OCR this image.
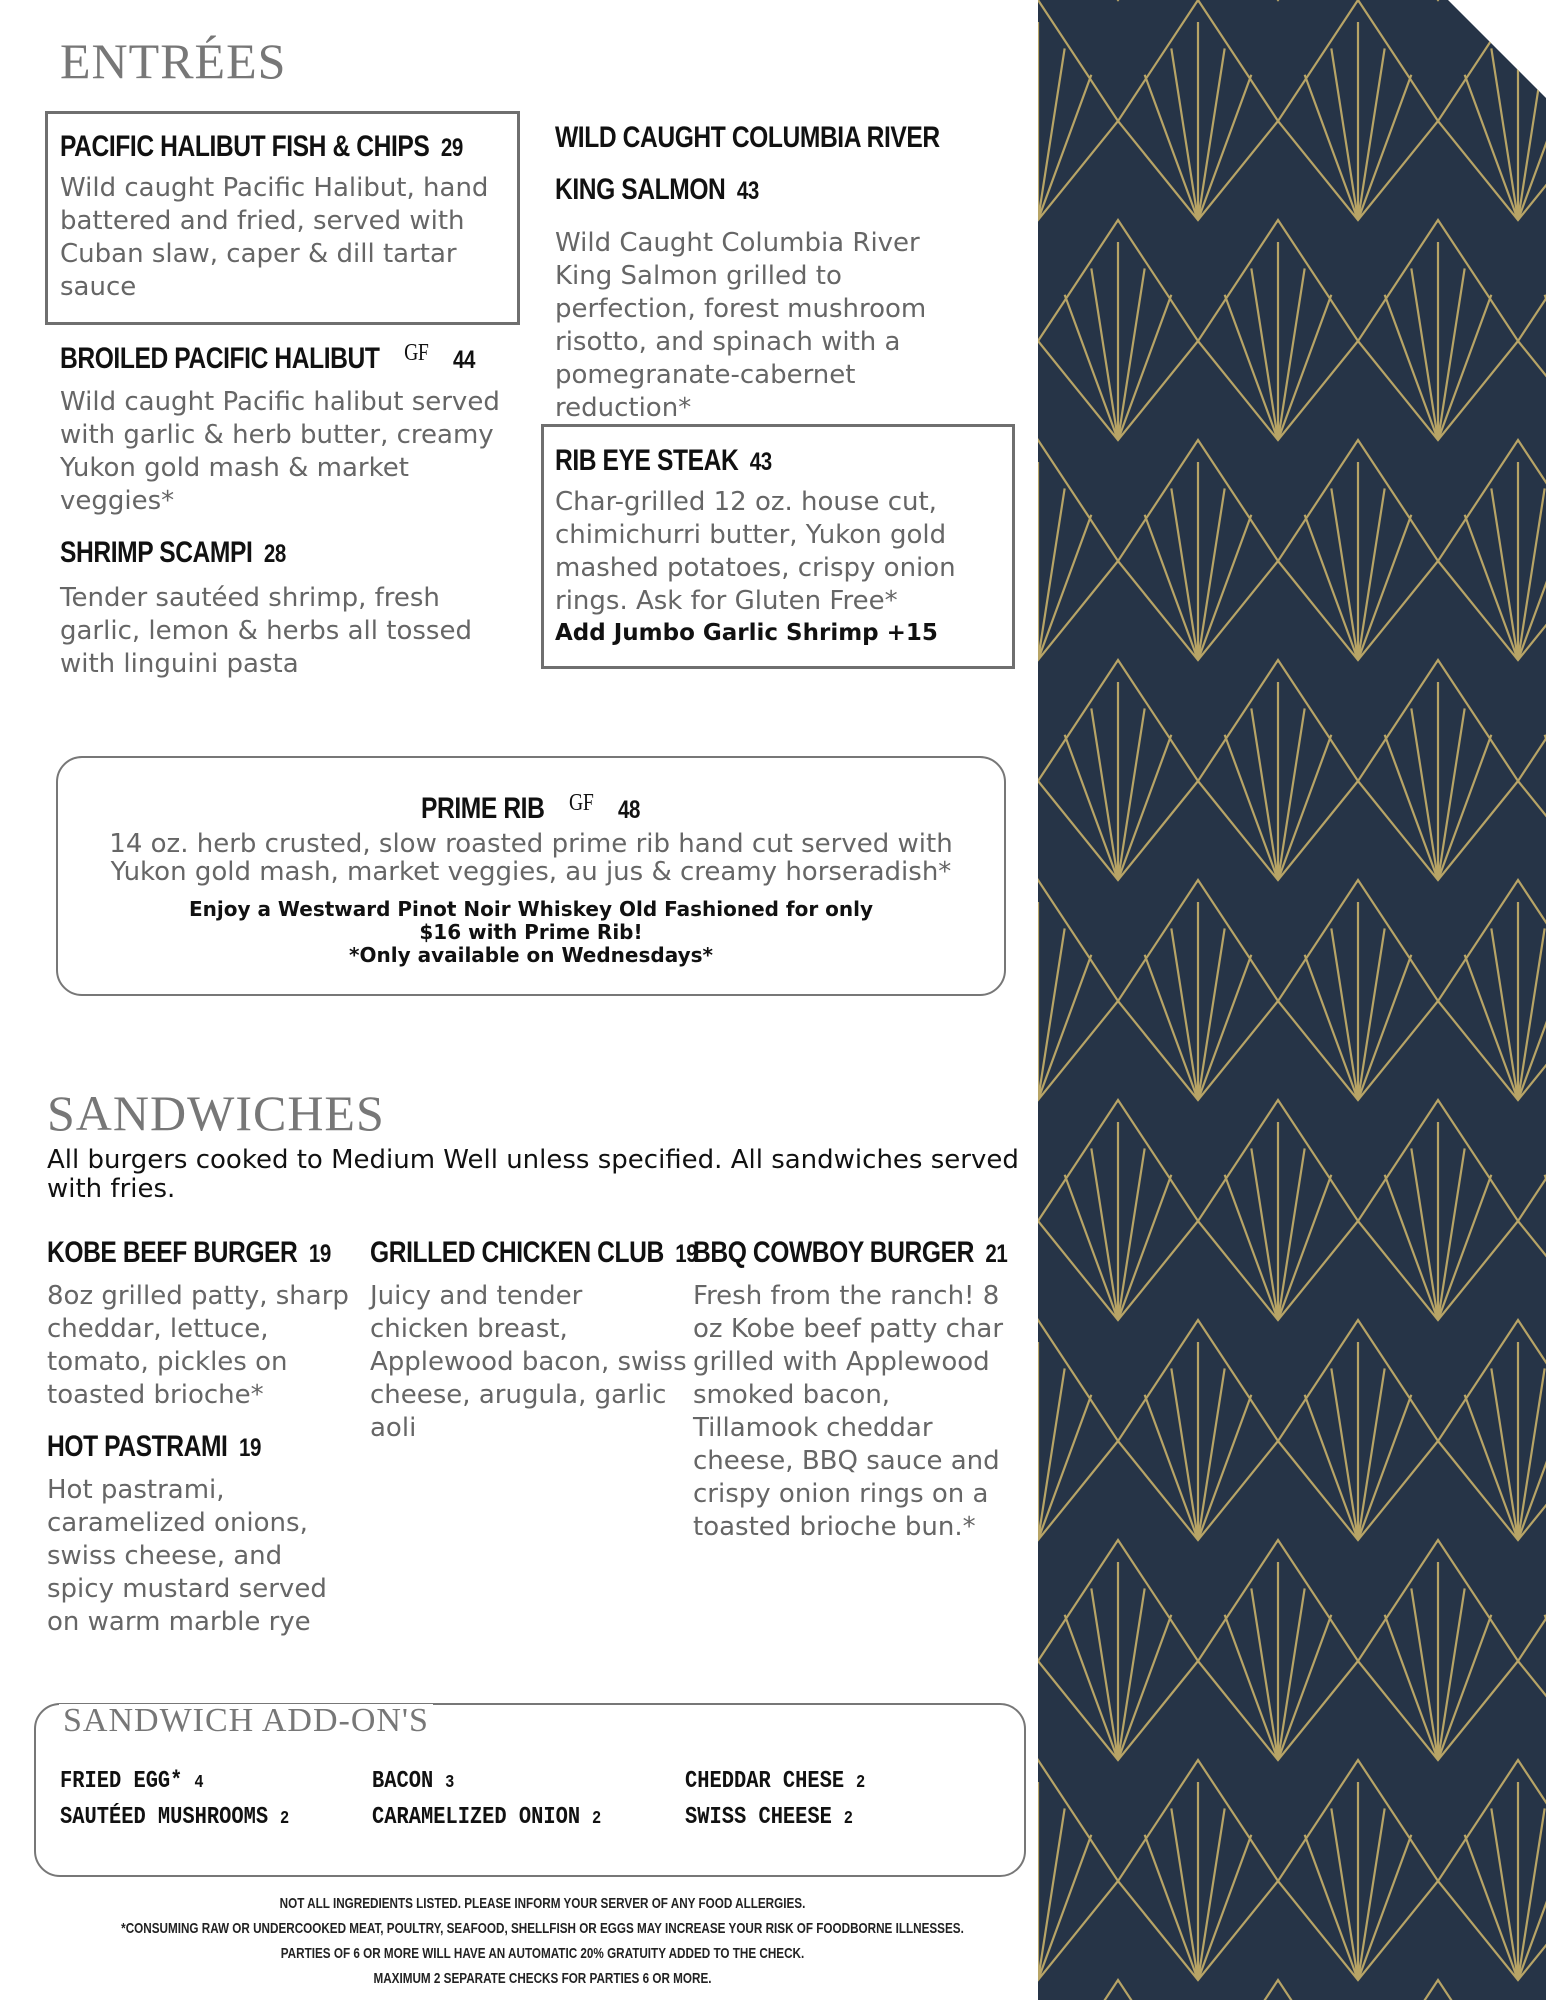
ENTRÉES
PACIFIC HALIBUT FISH & CHIPS 29
Wild caught Pacific Halibut, hand battered and fried, served with Cuban slaw, caper & dill tartar sauce
BROILED PACIFIC HALIBUT $^{GF}$ 44
Wild caught Pacific halibut served with garlic & herb butter, creamy Yukon gold mash & market veggies*
SHRIMP SCAMPI 28
Tender sautéed shrimp, fresh garlic, lemon & herbs all tossed with linguini pasta
WILD CAUGHT COLUMBIA RIVER KING SALMON 43
Wild Caught Columbia River King Salmon grilled to perfection, forest mushroom risotto, and spinach with a pomegranate-cabernet reduction*
RIB EYE STEAK 43
Char-grilled 12 oz. house cut, chimichurri butter, Yukon gold mashed potatoes, crispy onion rings. Ask for Gluten Free*
Add Jumbo Garlic Shrimp +15
PRIME RIB $^{GF}$ 48
14 oz. herb crusted, slow roasted prime rib hand cut served with Yukon gold mash, market veggies, au jus & creamy horseradish*
Enjoy a Westward Pinot Noir Whiskey Old Fashioned for only $16 with Prime Rib!
*Only available on Wednesdays*
SANDWICHES
All burgers cooked to Medium Well unless specified. All sandwiches served with fries.
KOBE BEEF BURGER 19
8oz grilled patty, sharp cheddar, lettuce, tomato, pickles on toasted brioche*
HOT PASTRAMI 19
Hot pastrami, caramelized onions, swiss cheese, and spicy mustard served on warm marble rye
GRILLED CHICKEN CLUB 19
Juicy and tender chicken breast, Applewood bacon, swiss cheese, arugula, garlic aoli
BBQ COWBOY BURGER 21
Fresh from the ranch! 8 oz Kobe beef patty char grilled with Applewood smoked bacon, Tillamook cheddar cheese, BBQ sauce and crispy onion rings on a toasted brioche bun.*
SANDWICH ADD-ON'S
FRIED EGG* 4
SAUTÉED MUSHROOMS 2
BACON 3
CARAMELIZED ONION 2
CHEDDAR CHESE 2
SWISS CHEESE 2
NOT ALL INGREDIENTS LISTED. PLEASE INFORM YOUR SERVER OF ANY FOOD ALLERGIES.
*CONSUMING RAW OR UNDERCOOKED MEAT, POULTRY, SEAFOOD, SHELLFISH OR EGGS MAY INCREASE YOUR RISK OF FOODBORNE ILLNESSES.
PARTIES OF 6 OR MORE WILL HAVE AN AUTOMATIC 20% GRATUITY ADDED TO THE CHECK.
MAXIMUM 2 SEPARATE CHECKS FOR PARTIES 6 OR MORE.
